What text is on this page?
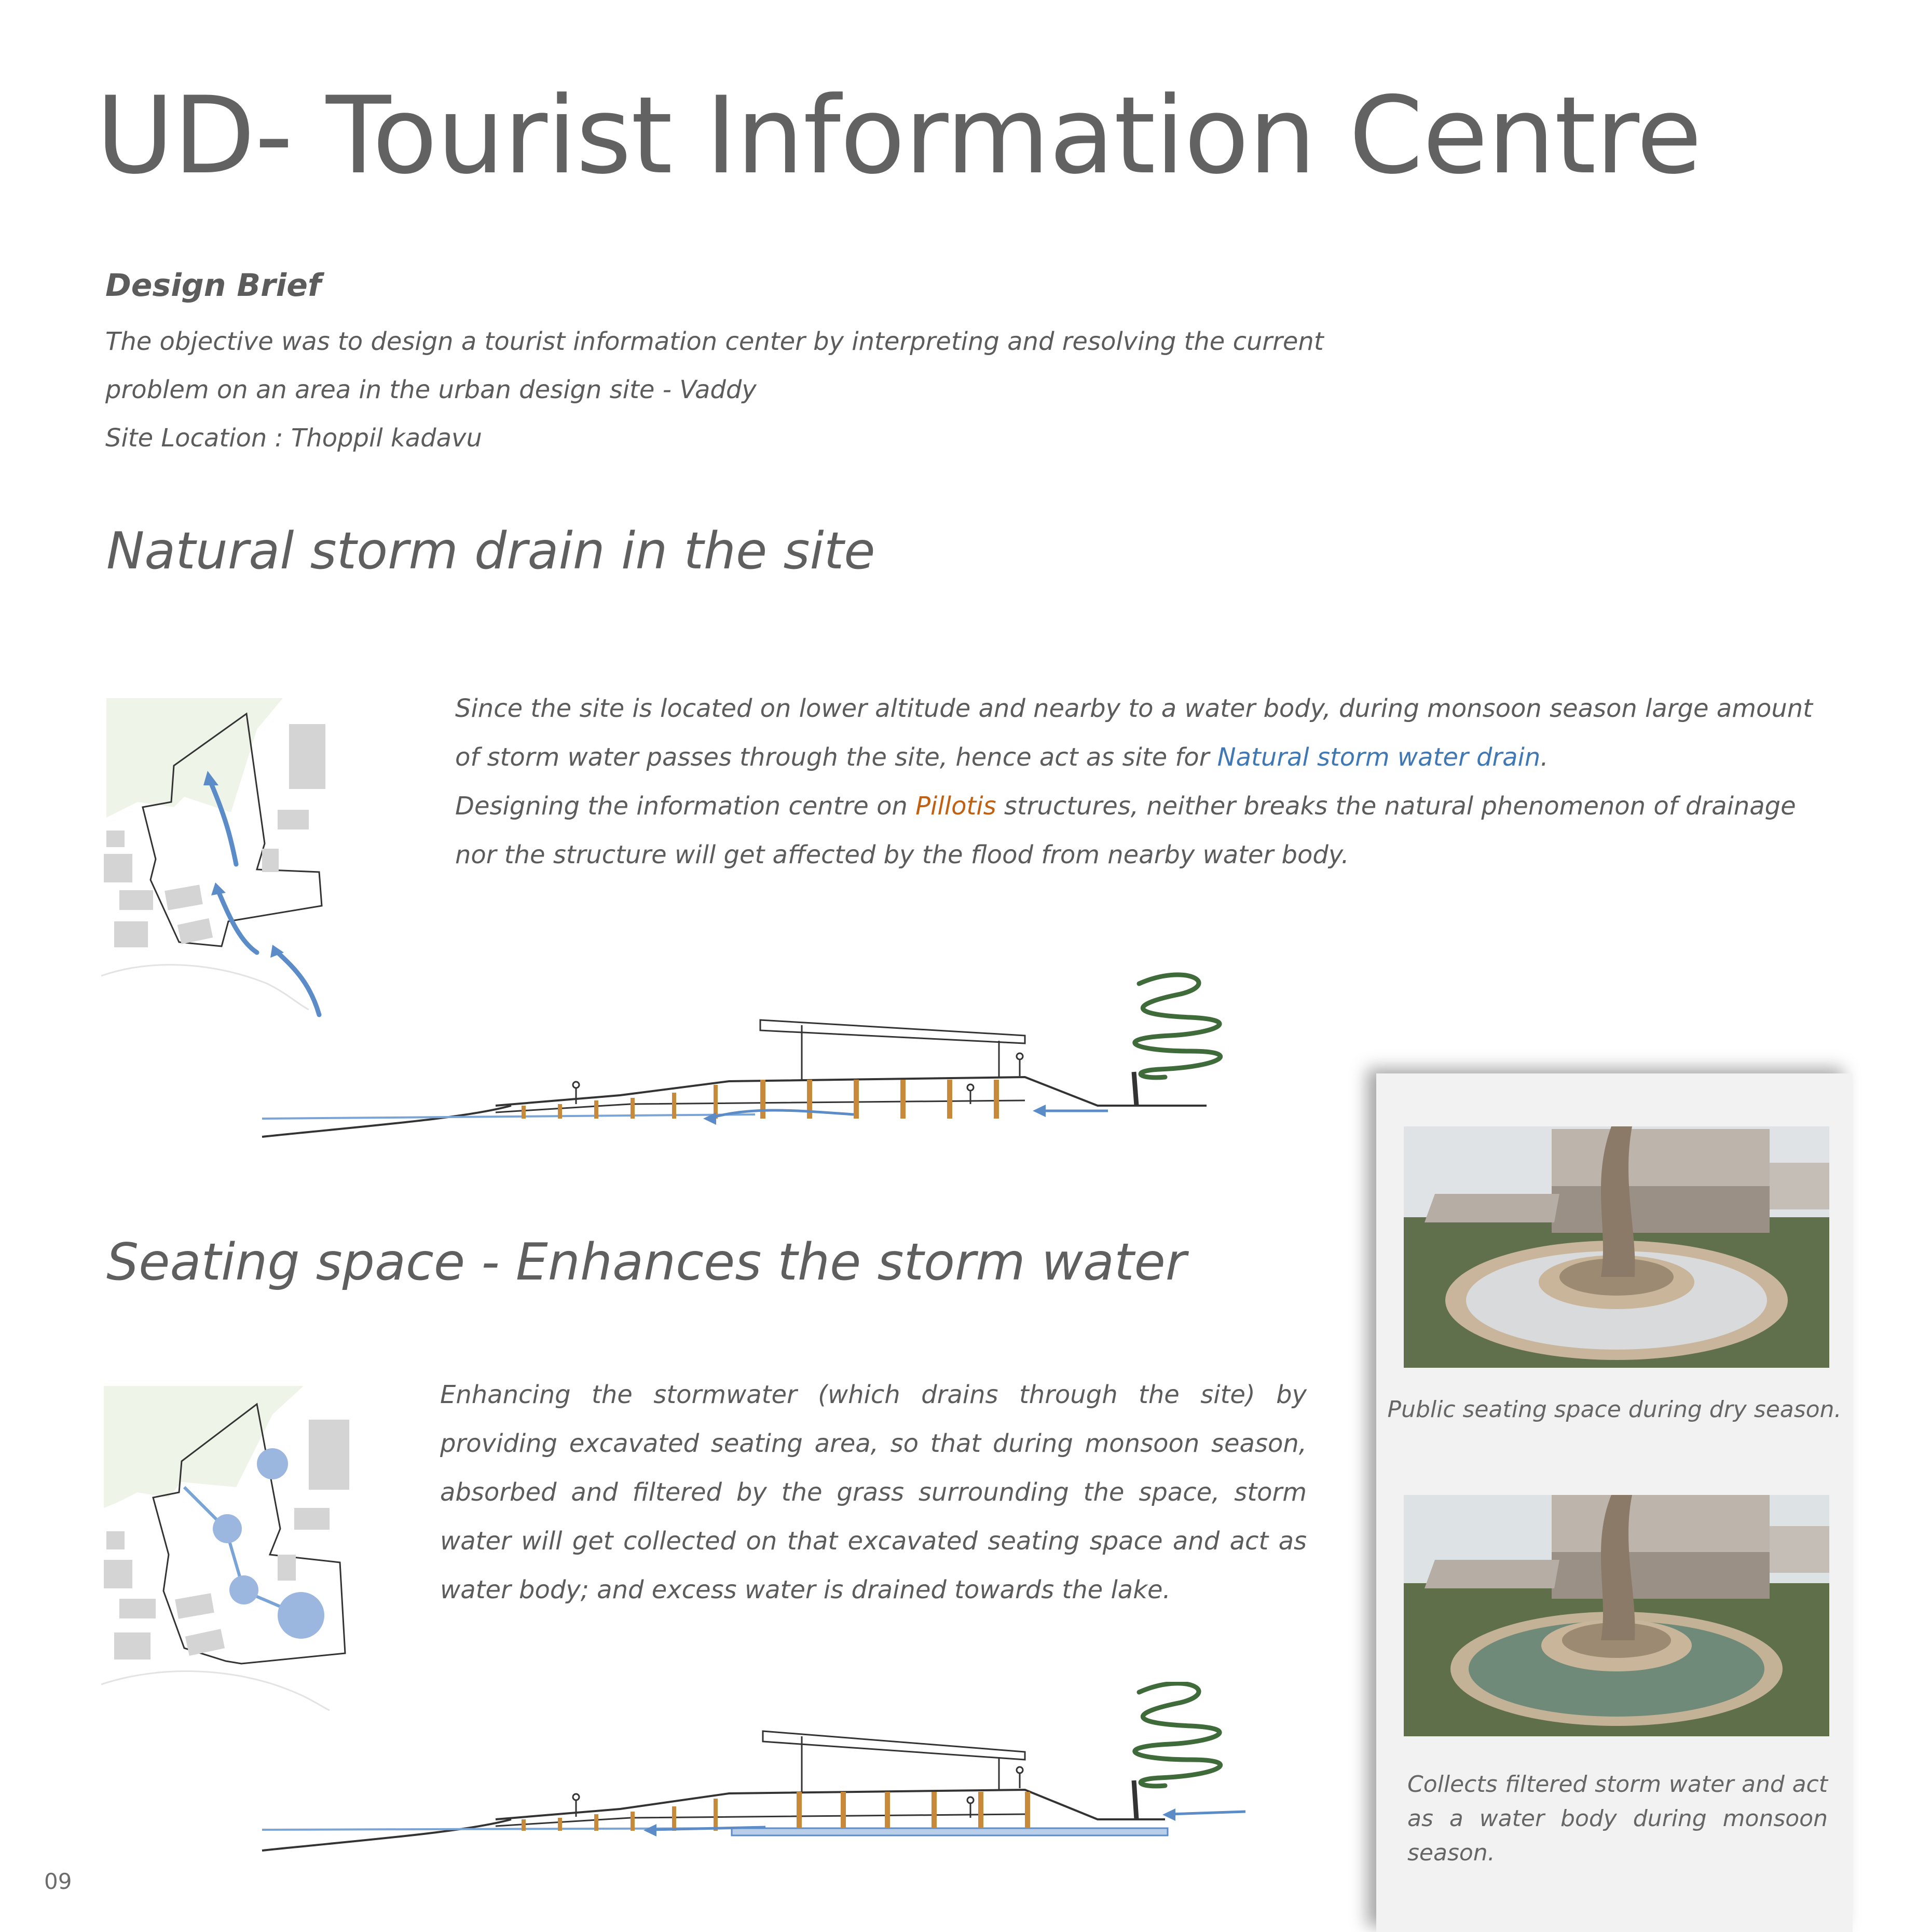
UD- Tourist Information Centre
Design Brief
The objective was to design a tourist information center by interpreting and resolving the current
problem on an area in the urban design site - Vaddy
Site Location : Thoppil kadavu
Natural storm drain in the site
Since the site is located on lower altitude and nearby to a water body, during monsoon season large amount of storm water passes through the site, hence act as site for Natural storm water drain.
Designing the information centre on Pillotis structures, neither breaks the natural phenomenon of drainage nor the structure will get affected by the flood from nearby water body.
Seating space - Enhances the storm water
Enhancing the stormwater (which drains through the site) by providing excavated seating area, so that during monsoon season, absorbed and filtered by the grass surrounding the space, storm water will get collected on that excavated seating space and act as water body; and excess water is drained towards the lake.
Public seating space during dry season.
Collects filtered storm water and act as a water body during monsoon season.
09
